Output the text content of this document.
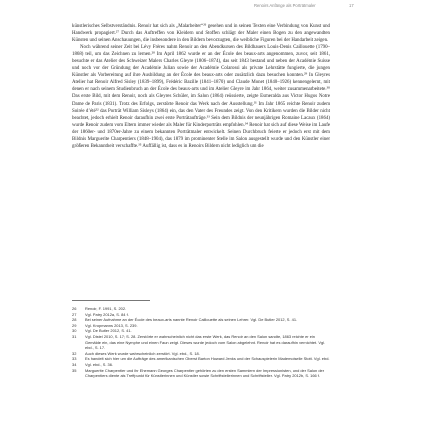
Renoirs Anfänge als Porträtmaler	17

künstlerisches Selbstverständnis. Renoir hat sich als „Malarbeiter“²⁶ gesehen und in seinen Texten eine Verbindung von Kunst und Handwerk propagiert.²⁷ Durch das Auftreffen von Kleidern und Stoffen schlägt der Maler einen Bogen zu den angewandten Künsten und seinen Anschauungen, die insbesondere in den Bildern bevorzugten, die weibliche Figuren bei der Handarbeit zeigen.

Noch während seiner Zeit bei Lévy Frères nahm Renoir an den Abendkursen des Bildhauers Louis-Denis Caillouette (1790–1868) teil, um das Zeichnen zu lernen.²⁸ Im April 1862 wurde er an der École des beaux-arts angenommen, zuvor, seit 1861, besuchte er das Atelier des Schweizer Malers Charles Gleyre (1806–1874), das seit 1843 bestand und neben der Académie Suisse und noch vor der Gründung der Académie Julian sowie der Académie Colarossi als private Lehrstätte fungierte, die jungen Künstler als Vorbereitung auf ihre Ausbildung an der École des beaux-arts oder zusätzlich dazu besuchen konnten.²⁹ In Gleyres Atelier hat Renoir Alfred Sisley (1839–1899), Frédéric Bazille (1841–1870) und Claude Monet (1840–1926) kennengelernt, mit denen er nach seinem Studienbruch an der École des beaux-arts und im Atelier Gleyre im Jahr 1864, weiter zusammenarbeitete.³⁰ Das erste Bild, mit dem Renoir, noch als Gleyres Schüler, im Salon (1864) reüssierte, zeigte Esmeralda aus Victor Hugos Notre Dame de Paris (1831). Trotz des Erfolgs, zerstörte Renoir das Werk nach der Ausstellung.³¹ Im Jahr 1865 reichte Renoir zudem Soirée d’été³² das Porträt William Sisleys (1864) ein, das den Vater des Freundes zeigt. Von den Kritikern wurden die Bilder nicht beachtet, jedoch erhielt Renoir daraufhin zwei erste Porträtaufträge.³³ Sein dem Bildnis der neunjährigen Romaine Lacaux (1864) wurde Renoir zudem vom Eltern immer wieder als Maler für Kinderporträts empfohlen.³⁴ Renoir hat sich auf diese Weise im Laufe der 1860er- und 1870er-Jahre zu einem bekannten Porträtmaler entwickelt. Seinen Durchbruch feierte er jedoch erst mit dem Bildnis Marguerite Charpentiers (1848–1904), das 1879 im prominenter Stelle im Salon ausgestellt wurde und den Künstler einer größeren Bekanntheit verschaffte.³⁵ Auffällig ist, dass es in Renoirs Bildern nicht lediglich um die

26	Renoir, F. 1991, S. 202.
27	Vgl. Patry 2012a, S. 84 f.
28	Bei seiner Aufnahme an der École des beaux-arts nannte Renoir Caillouette als seinen Lehrer. Vgl. De Butler 2012, S. 41.
29	Vgl. Kropmanns 2013, S. 239.
30	Vgl. De Butler 2012, S. 41.
31	Vgl. Distel 2010, S. 17; S. 28. Zerstörte er wahrscheinlich nicht das erste Werk, das Renoir an den Salon sandte, 1863 reichte er ein Gemälde ein, das eine Nymphe und einen Faun zeigt. Dieses wurde jedoch vom Salon abgelehnt. Renoir hat es daraufhin vernichtet. Vgl. ebd., S. 17.
32	Auch dieses Werk wurde wahrscheinlich zerstört. Vgl. ebd., S. 18.
33	Es handelt sich hier um die Aufträge des amerikanischen Oberst Barton Howard Jenks und der Schauspielerin Mademoiselle Stott. Vgl. ebd.
34	Vgl. ebd., S. 36.
35	Marguerite Charpentier und ihr Ehemann Georges Charpentier gehörten zu den ersten Sammlern der Impressionisten, und der Salon der Charpentiers diente als Treffpunkt für Künstlerinnen und Künstler sowie Schriftstellerinnen und Schriftsteller. Vgl. Patry 2012b, S. 166 f.
